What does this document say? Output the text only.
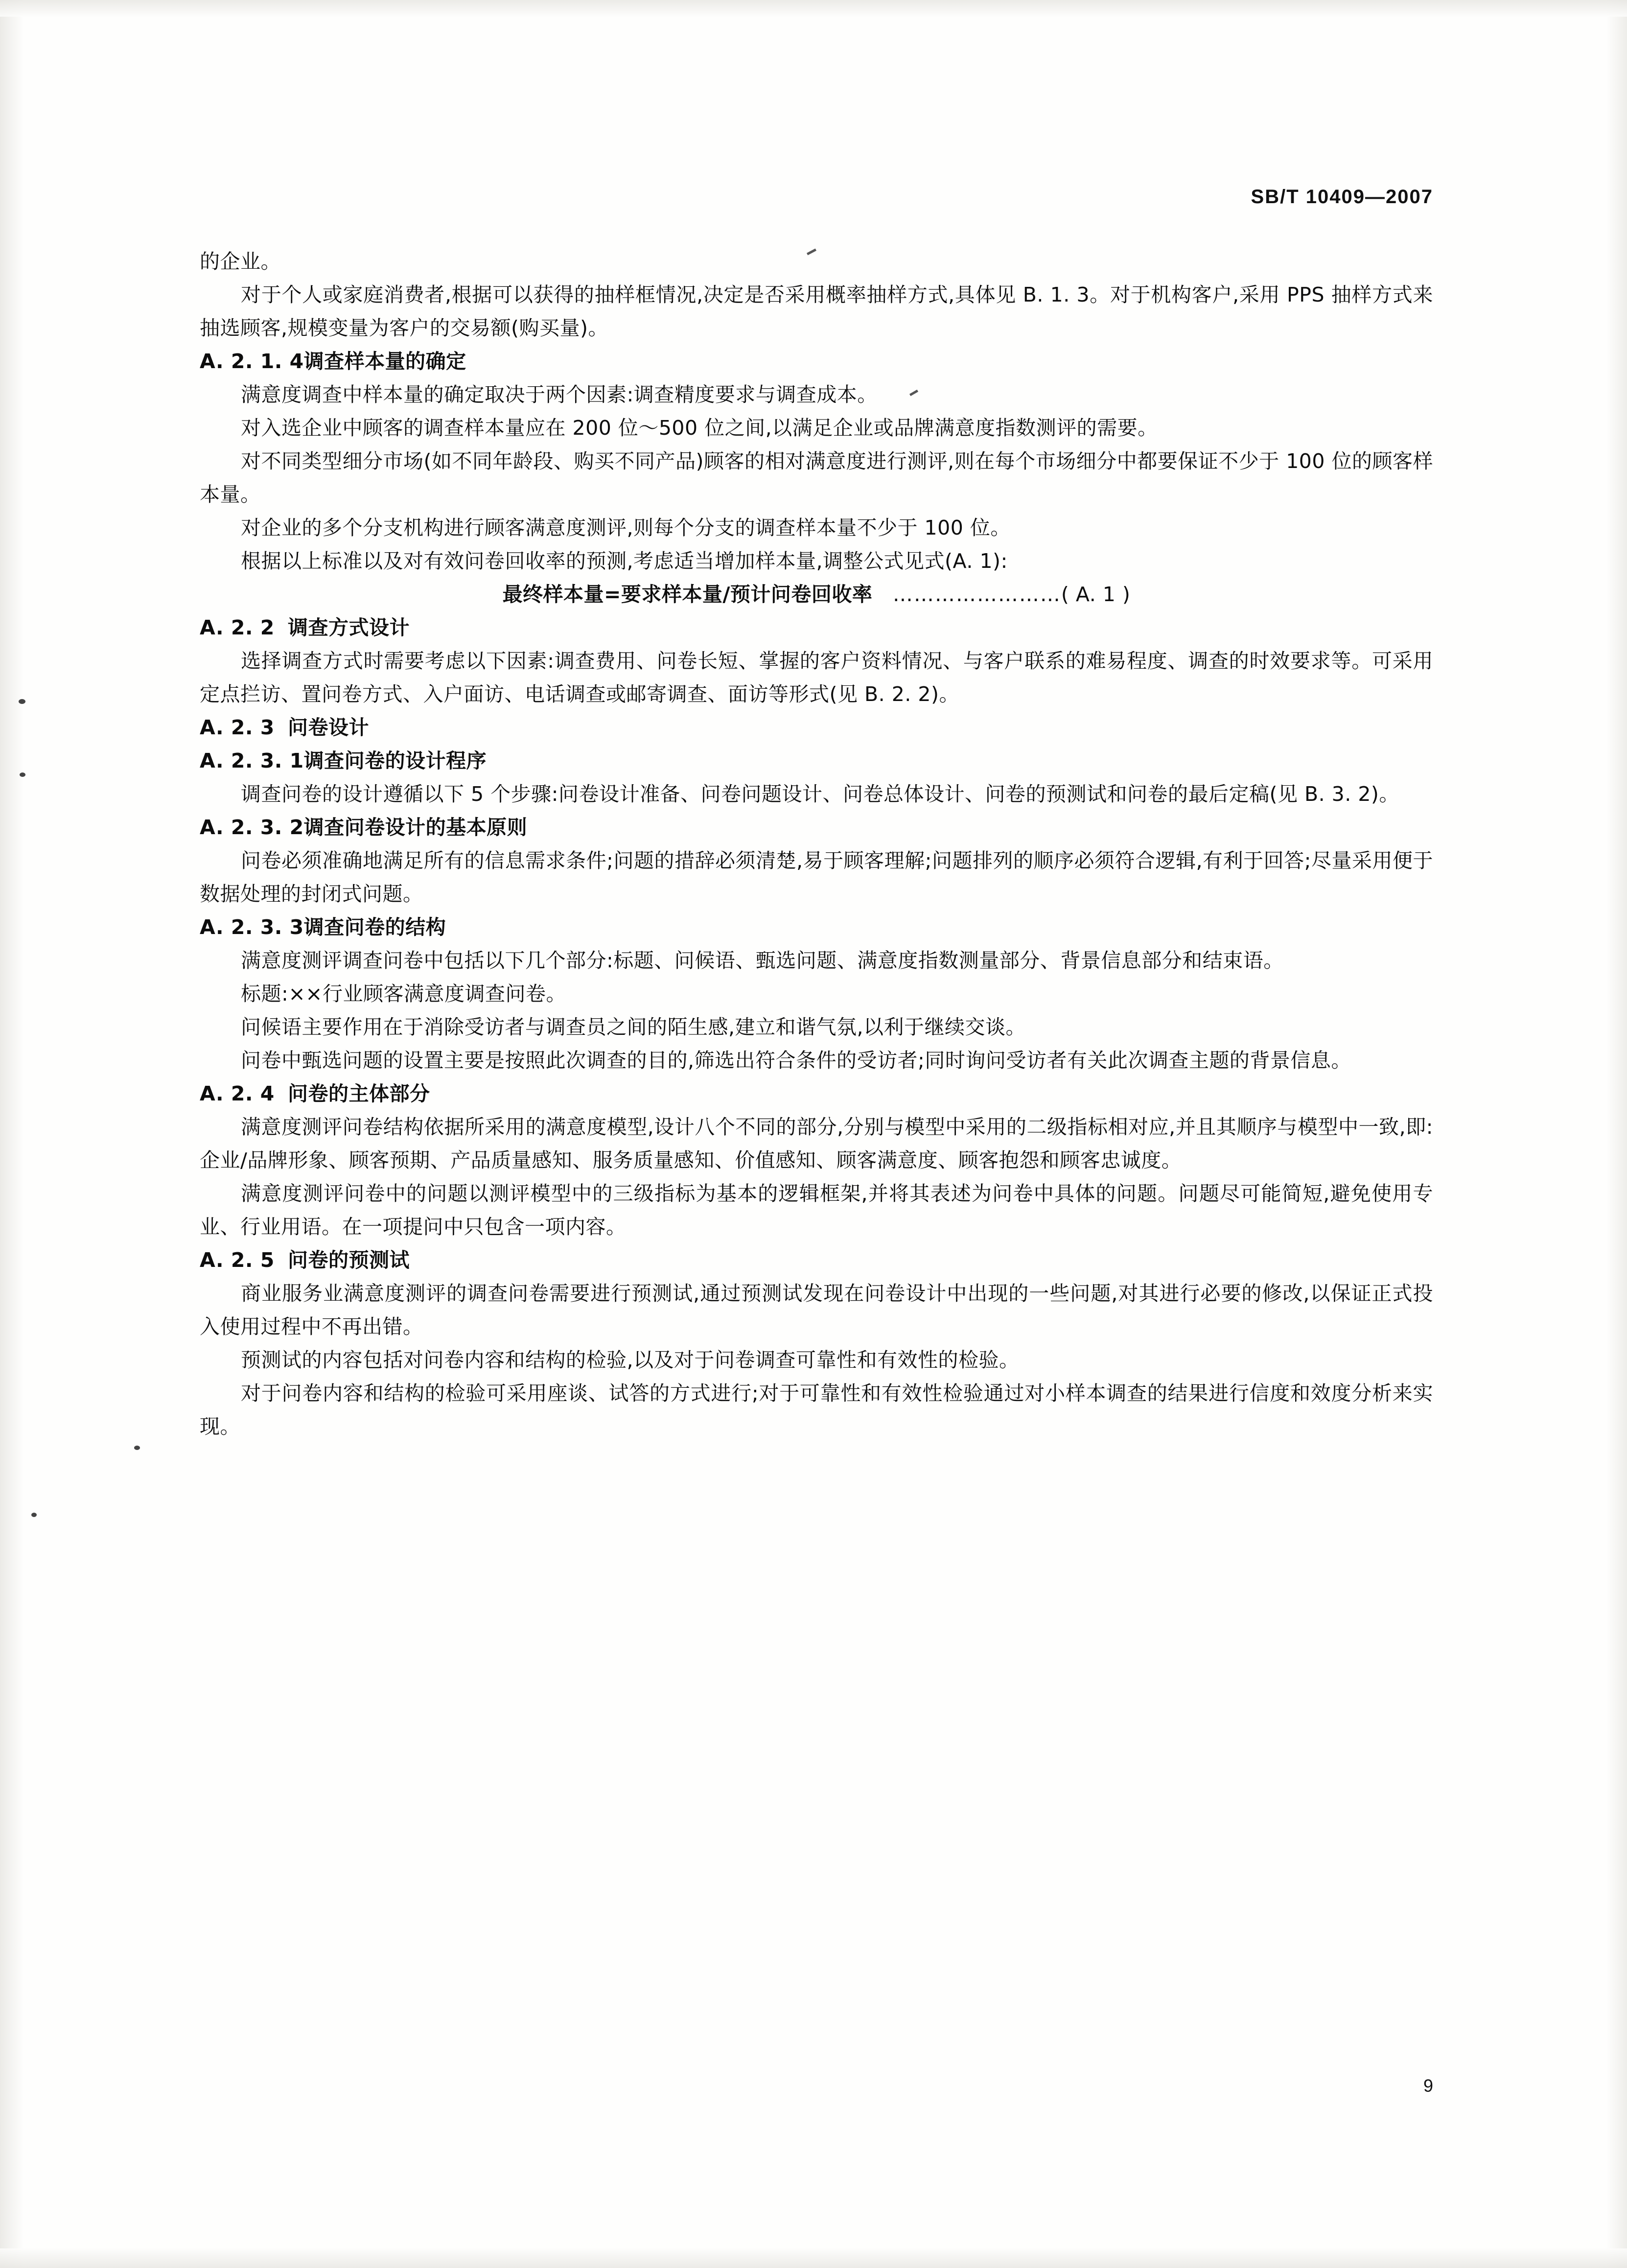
SB/T 10409—2007

的企业。

对于个人或家庭消费者,根据可以获得的抽样框情况,决定是否采用概率抽样方式,具体见 B. 1. 3。对于机构客户,采用 PPS 抽样方式来抽选顾客,规模变量为客户的交易额(购买量)。

A. 2. 1. 4调查样本量的确定

满意度调查中样本量的确定取决于两个因素:调查精度要求与调查成本。

对入选企业中顾客的调查样本量应在 200 位～500 位之间,以满足企业或品牌满意度指数测评的需要。

对不同类型细分市场(如不同年龄段、购买不同产品)顾客的相对满意度进行测评,则在每个市场细分中都要保证不少于 100 位的顾客样本量。

对企业的多个分支机构进行顾客满意度测评,则每个分支的调查样本量不少于 100 位。

根据以上标准以及对有效问卷回收率的预测,考虑适当增加样本量,调整公式见式(A. 1):

最终样本量=要求样本量/预计问卷回收率  ……………………( A. 1 )

A. 2. 2 调查方式设计

选择调查方式时需要考虑以下因素:调查费用、问卷长短、掌握的客户资料情况、与客户联系的难易程度、调查的时效要求等。可采用定点拦访、置问卷方式、入户面访、电话调查或邮寄调查、面访等形式(见 B. 2. 2)。

A. 2. 3 问卷设计
A. 2. 3. 1调查问卷的设计程序

调查问卷的设计遵循以下 5 个步骤:问卷设计准备、问卷问题设计、问卷总体设计、问卷的预测试和问卷的最后定稿(见 B. 3. 2)。

A. 2. 3. 2调查问卷设计的基本原则

问卷必须准确地满足所有的信息需求条件;问题的措辞必须清楚,易于顾客理解;问题排列的顺序必须符合逻辑,有利于回答;尽量采用便于数据处理的封闭式问题。

A. 2. 3. 3调查问卷的结构

满意度测评调查问卷中包括以下几个部分:标题、问候语、甄选问题、满意度指数测量部分、背景信息部分和结束语。

标题:××行业顾客满意度调查问卷。

问候语主要作用在于消除受访者与调查员之间的陌生感,建立和谐气氛,以利于继续交谈。

问卷中甄选问题的设置主要是按照此次调查的目的,筛选出符合条件的受访者;同时询问受访者有关此次调查主题的背景信息。

A. 2. 4 问卷的主体部分

满意度测评问卷结构依据所采用的满意度模型,设计八个不同的部分,分别与模型中采用的二级指标相对应,并且其顺序与模型中一致,即:企业/品牌形象、顾客预期、产品质量感知、服务质量感知、价值感知、顾客满意度、顾客抱怨和顾客忠诚度。

满意度测评问卷中的问题以测评模型中的三级指标为基本的逻辑框架,并将其表述为问卷中具体的问题。问题尽可能简短,避免使用专业、行业用语。在一项提问中只包含一项内容。

A. 2. 5 问卷的预测试

商业服务业满意度测评的调查问卷需要进行预测试,通过预测试发现在问卷设计中出现的一些问题,对其进行必要的修改,以保证正式投入使用过程中不再出错。

预测试的内容包括对问卷内容和结构的检验,以及对于问卷调查可靠性和有效性的检验。

对于问卷内容和结构的检验可采用座谈、试答的方式进行;对于可靠性和有效性检验通过对小样本调查的结果进行信度和效度分析来实现。

9
